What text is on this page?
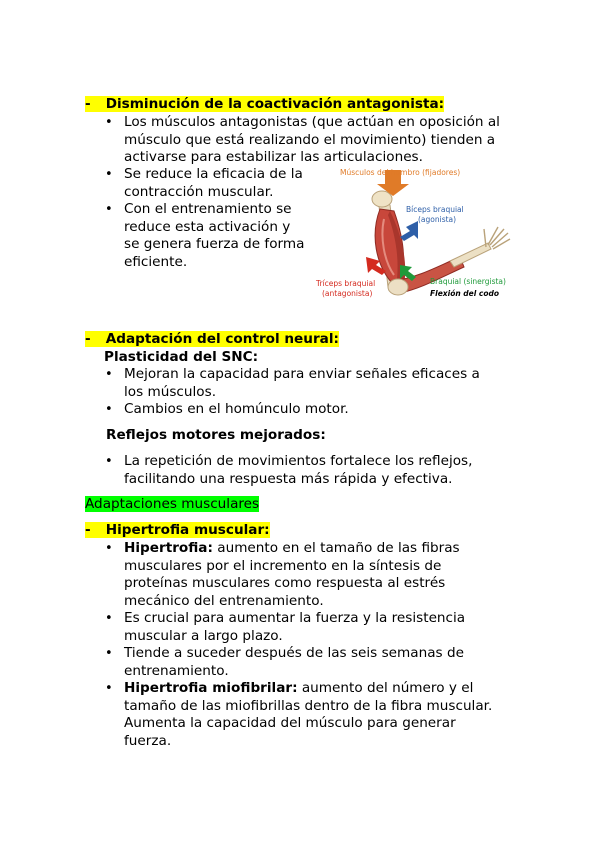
- Disminución de la coactivación antagonista:
• Los músculos antagonistas (que actúan en oposición al músculo que está realizando el movimiento) tienden a activarse para estabilizar las articulaciones.
• Se reduce la eficacia de la contracción muscular.
• Con el entrenamiento se reduce esta activación y se genera fuerza de forma eficiente.
Músculos del hombro (fijadores)
Bíceps braquial
(agonista)
Braquial (sinergista)
Tríceps braquial
(antagonista)	Flexión del codo
- Adaptación del control neural:
Plasticidad del SNC:
• Mejoran la capacidad para enviar señales eficaces a los músculos.
• Cambios en el homúnculo motor.
Reflejos motores mejorados:
• La repetición de movimientos fortalece los reflejos, facilitando una respuesta más rápida y efectiva.
Adaptaciones musculares
- Hipertrofia muscular:
• Hipertrofia: aumento en el tamaño de las fibras musculares por el incremento en la síntesis de proteínas musculares como respuesta al estrés mecánico del entrenamiento.
• Es crucial para aumentar la fuerza y la resistencia muscular a largo plazo.
• Tiende a suceder después de las seis semanas de entrenamiento.
• Hipertrofia miofibrilar: aumento del número y el tamaño de las miofibrillas dentro de la fibra muscular. Aumenta la capacidad del músculo para generar fuerza.
